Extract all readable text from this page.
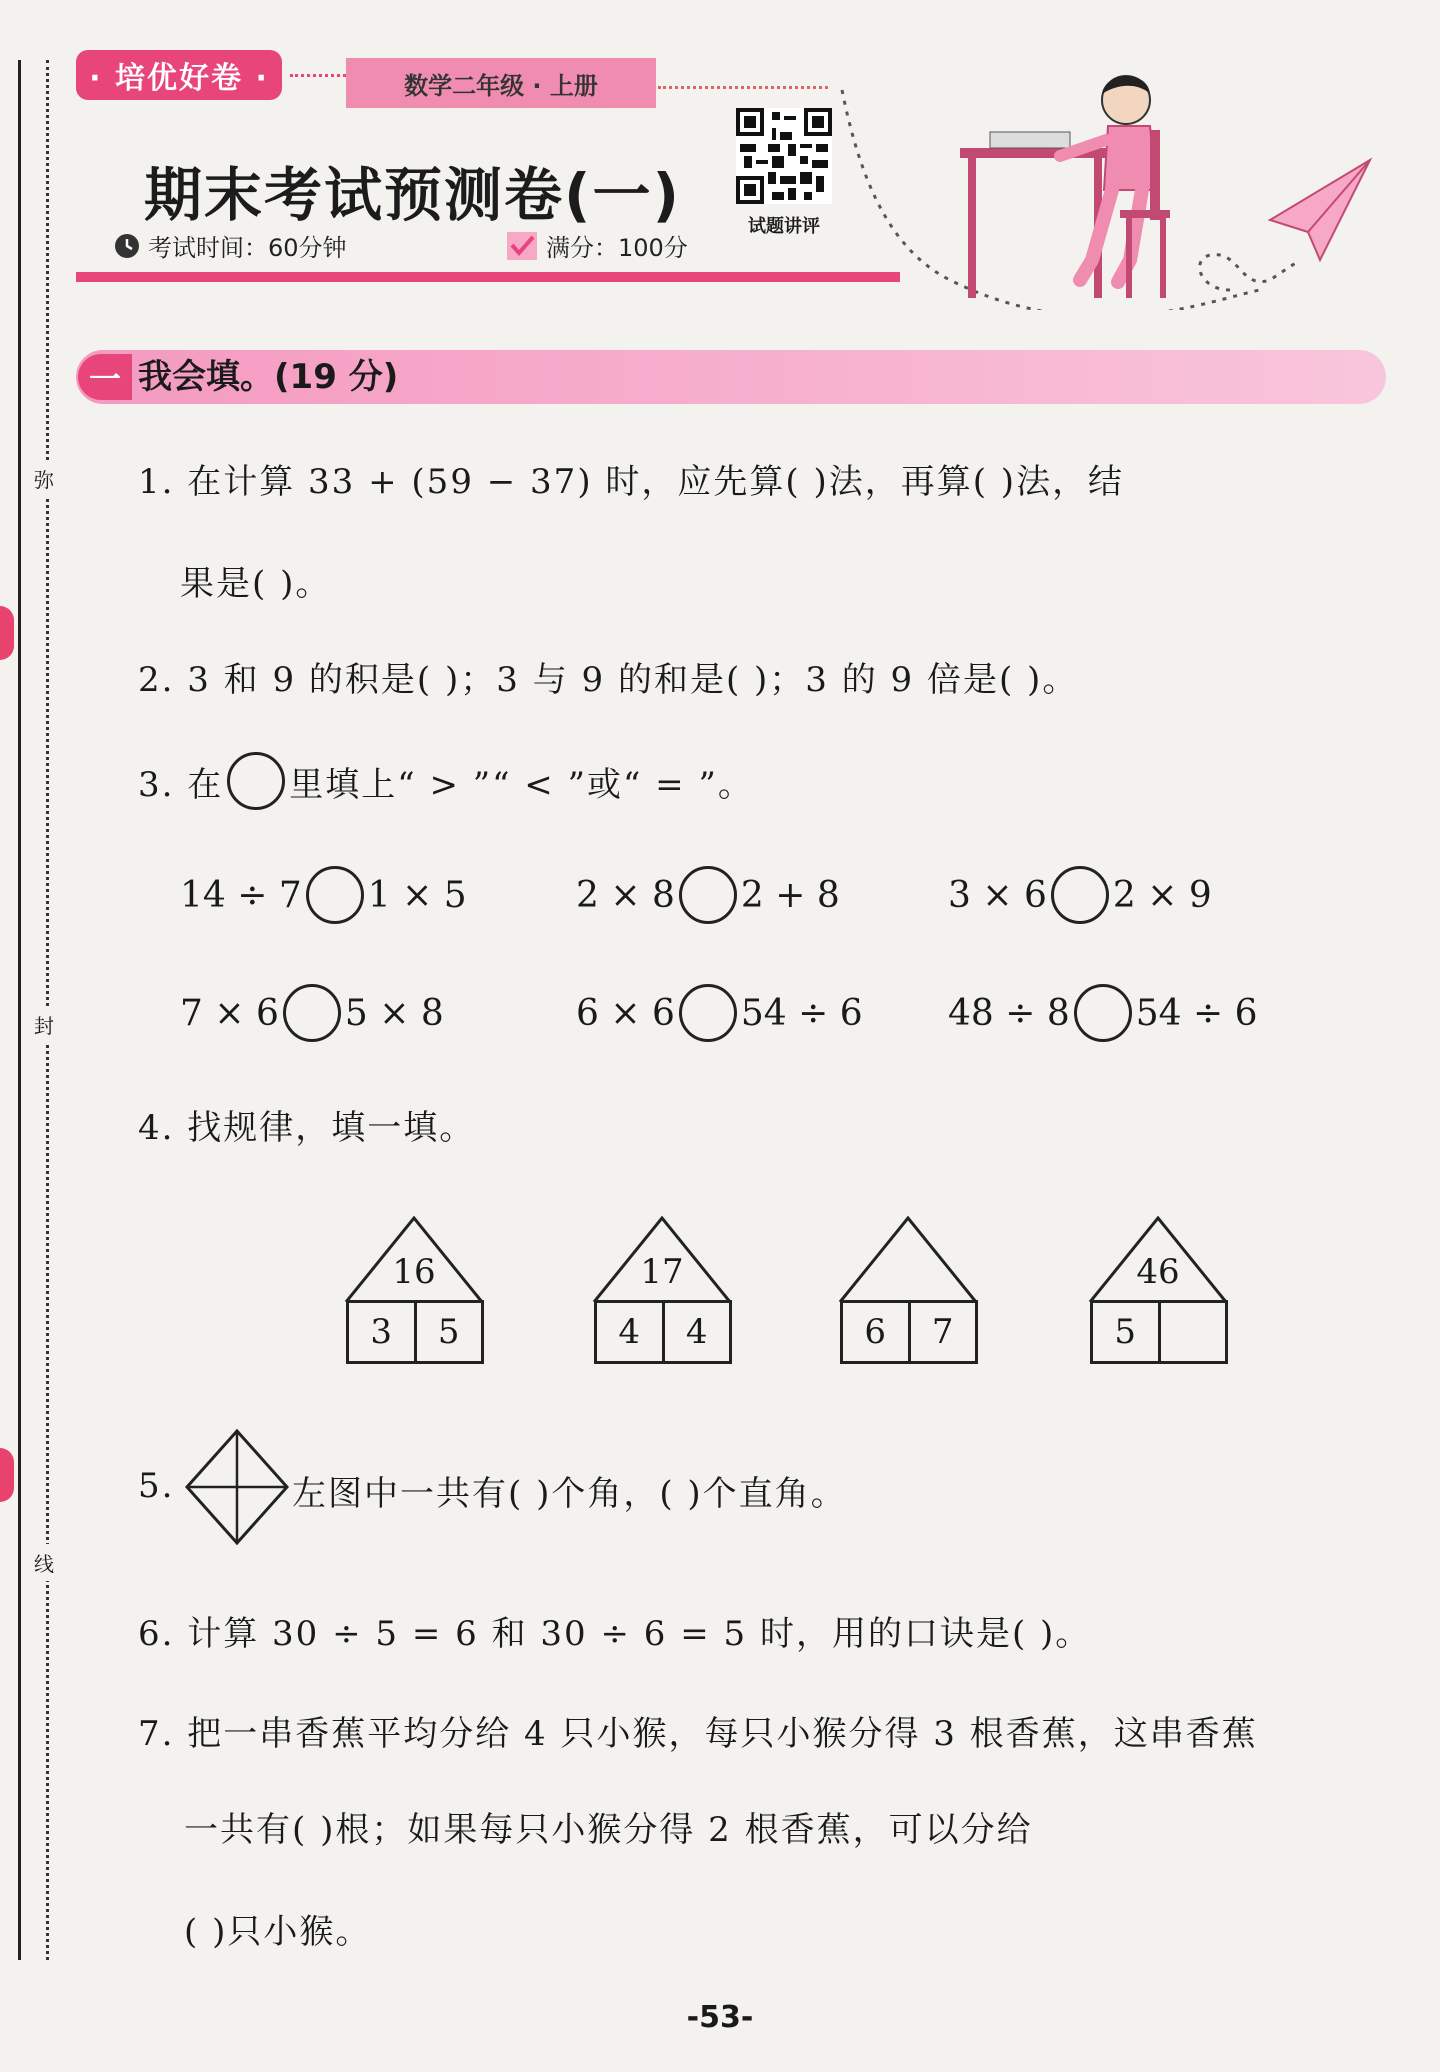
弥
封
线
· 培优好卷 ·	数学二年级 · 上册
期末考试预测卷(一)
考试时间：60分钟	满分：100分
试题讲评
一 我会填。(19 分)
1. 在计算 33 + (59 − 37) 时，应先算( )法，再算( )法，结
果是( )。
2. 3 和 9 的积是( )；3 与 9 的和是( )；3 的 9 倍是( )。
3. 在 里填上“ > ”“ < ”或“ = ”。
14 ÷ 7 1 × 5	2 × 8 2 + 8	3 × 6 2 × 9
7 × 6 5 × 8	6 × 6 54 ÷ 6 48 ÷ 8 54 ÷ 6
4. 找规律，填一填。
16
3	5
17
4	4	6	7
46
5
5.	左图中一共有( )个角，( )个直角。
6. 计算 30 ÷ 5 = 6 和 30 ÷ 6 = 5 时，用的口诀是( )。
7. 把一串香蕉平均分给 4 只小猴，每只小猴分得 3 根香蕉，这串香蕉
一共有( )根；如果每只小猴分得 2 根香蕉，可以分给
( )只小猴。
-53-
